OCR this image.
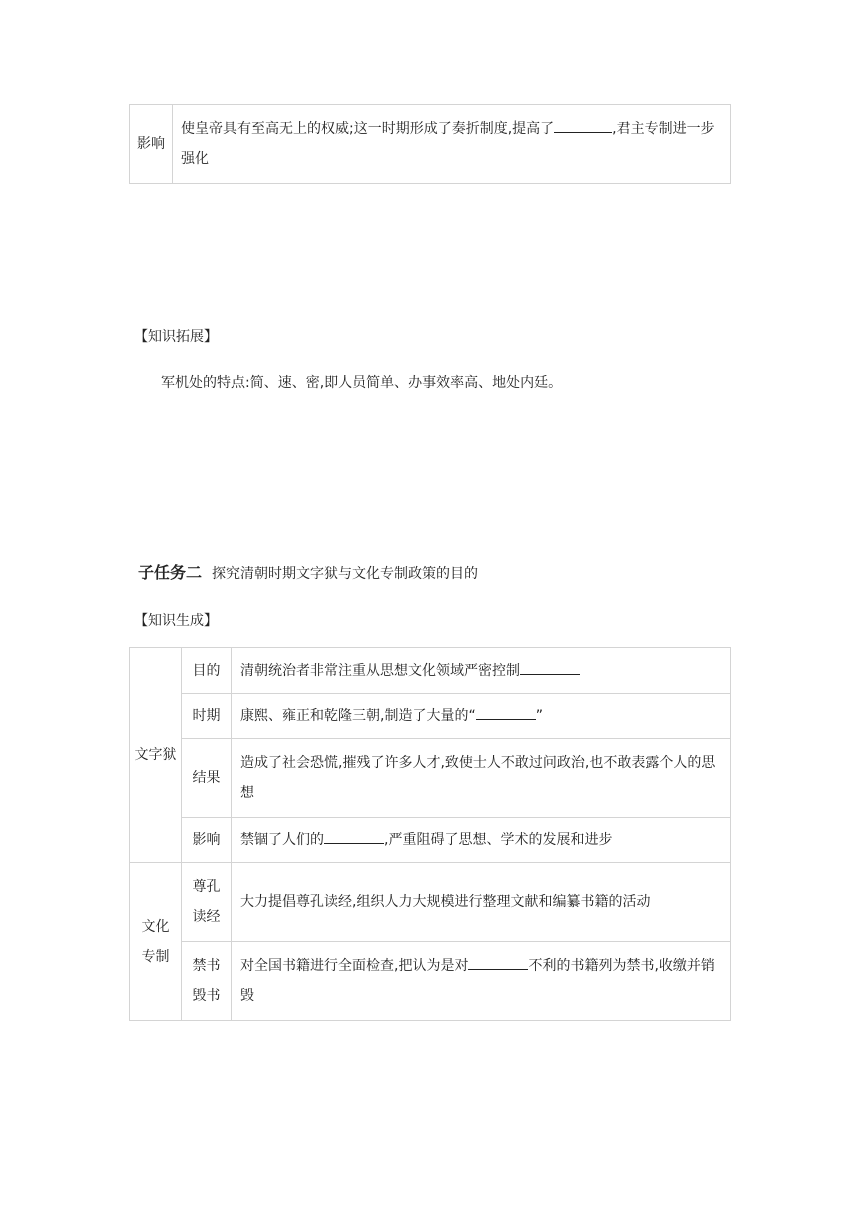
影响	使皇帝具有至高无上的权威;这一时期形成了奏折制度,提高了	,君主专制进一步强化
【知识拓展】
军机处的特点:简、速、密,即人员简单、办事效率高、地处内廷。
子任务二 探究清朝时期文字狱与文化专制政策的目的
【知识生成】
文字狱	目的	清朝统治者非常注重从思想文化领域严密控制
	时期	康熙、雍正和乾隆三朝,制造了大量的“ ”
	结果	造成了社会恐慌,摧残了许多人才,致使士人不敢过问政治,也不敢表露个人的思想
	影响	禁锢了人们的 ,严重阻碍了思想、学术的发展和进步
文化专制	尊孔读经	大力提倡尊孔读经,组织人力大规模进行整理文献和编纂书籍的活动
	禁书毁书	对全国书籍进行全面检查,把认为是对 不利的书籍列为禁书,收缴并销毁
